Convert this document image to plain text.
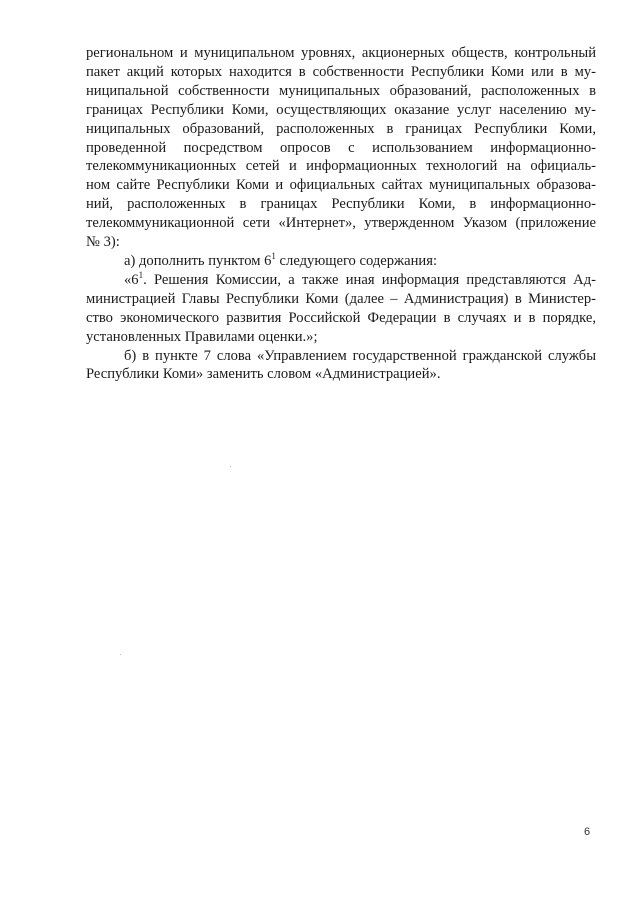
региональном и муниципальном уровнях, акционерных обществ, контрольный
пакет акций которых находится в собственности Республики Коми или в му-
ниципальной собственности муниципальных образований, расположенных в
границах Республики Коми, осуществляющих оказание услуг населению му-
ниципальных образований, расположенных в границах Республики Коми,
проведенной посредством опросов с использованием информационно-
телекоммуникационных сетей и информационных технологий на официаль-
ном сайте Республики Коми и официальных сайтах муниципальных образова-
ний, расположенных в границах Республики Коми, в информационно-
телекоммуникационной сети «Интернет», утвержденном Указом (приложение
№ 3):
а) дополнить пунктом $6^1$ следующего содержания:
«$6^1$. Решения Комиссии, а также иная информация представляются Ад-
министрацией Главы Республики Коми (далее – Администрация) в Министер-
ство экономического развития Российской Федерации в случаях и в порядке,
установленных Правилами оценки.»;
б) в пункте 7 слова «Управлением государственной гражданской службы
Республики Коми» заменить словом «Администрацией».
6
